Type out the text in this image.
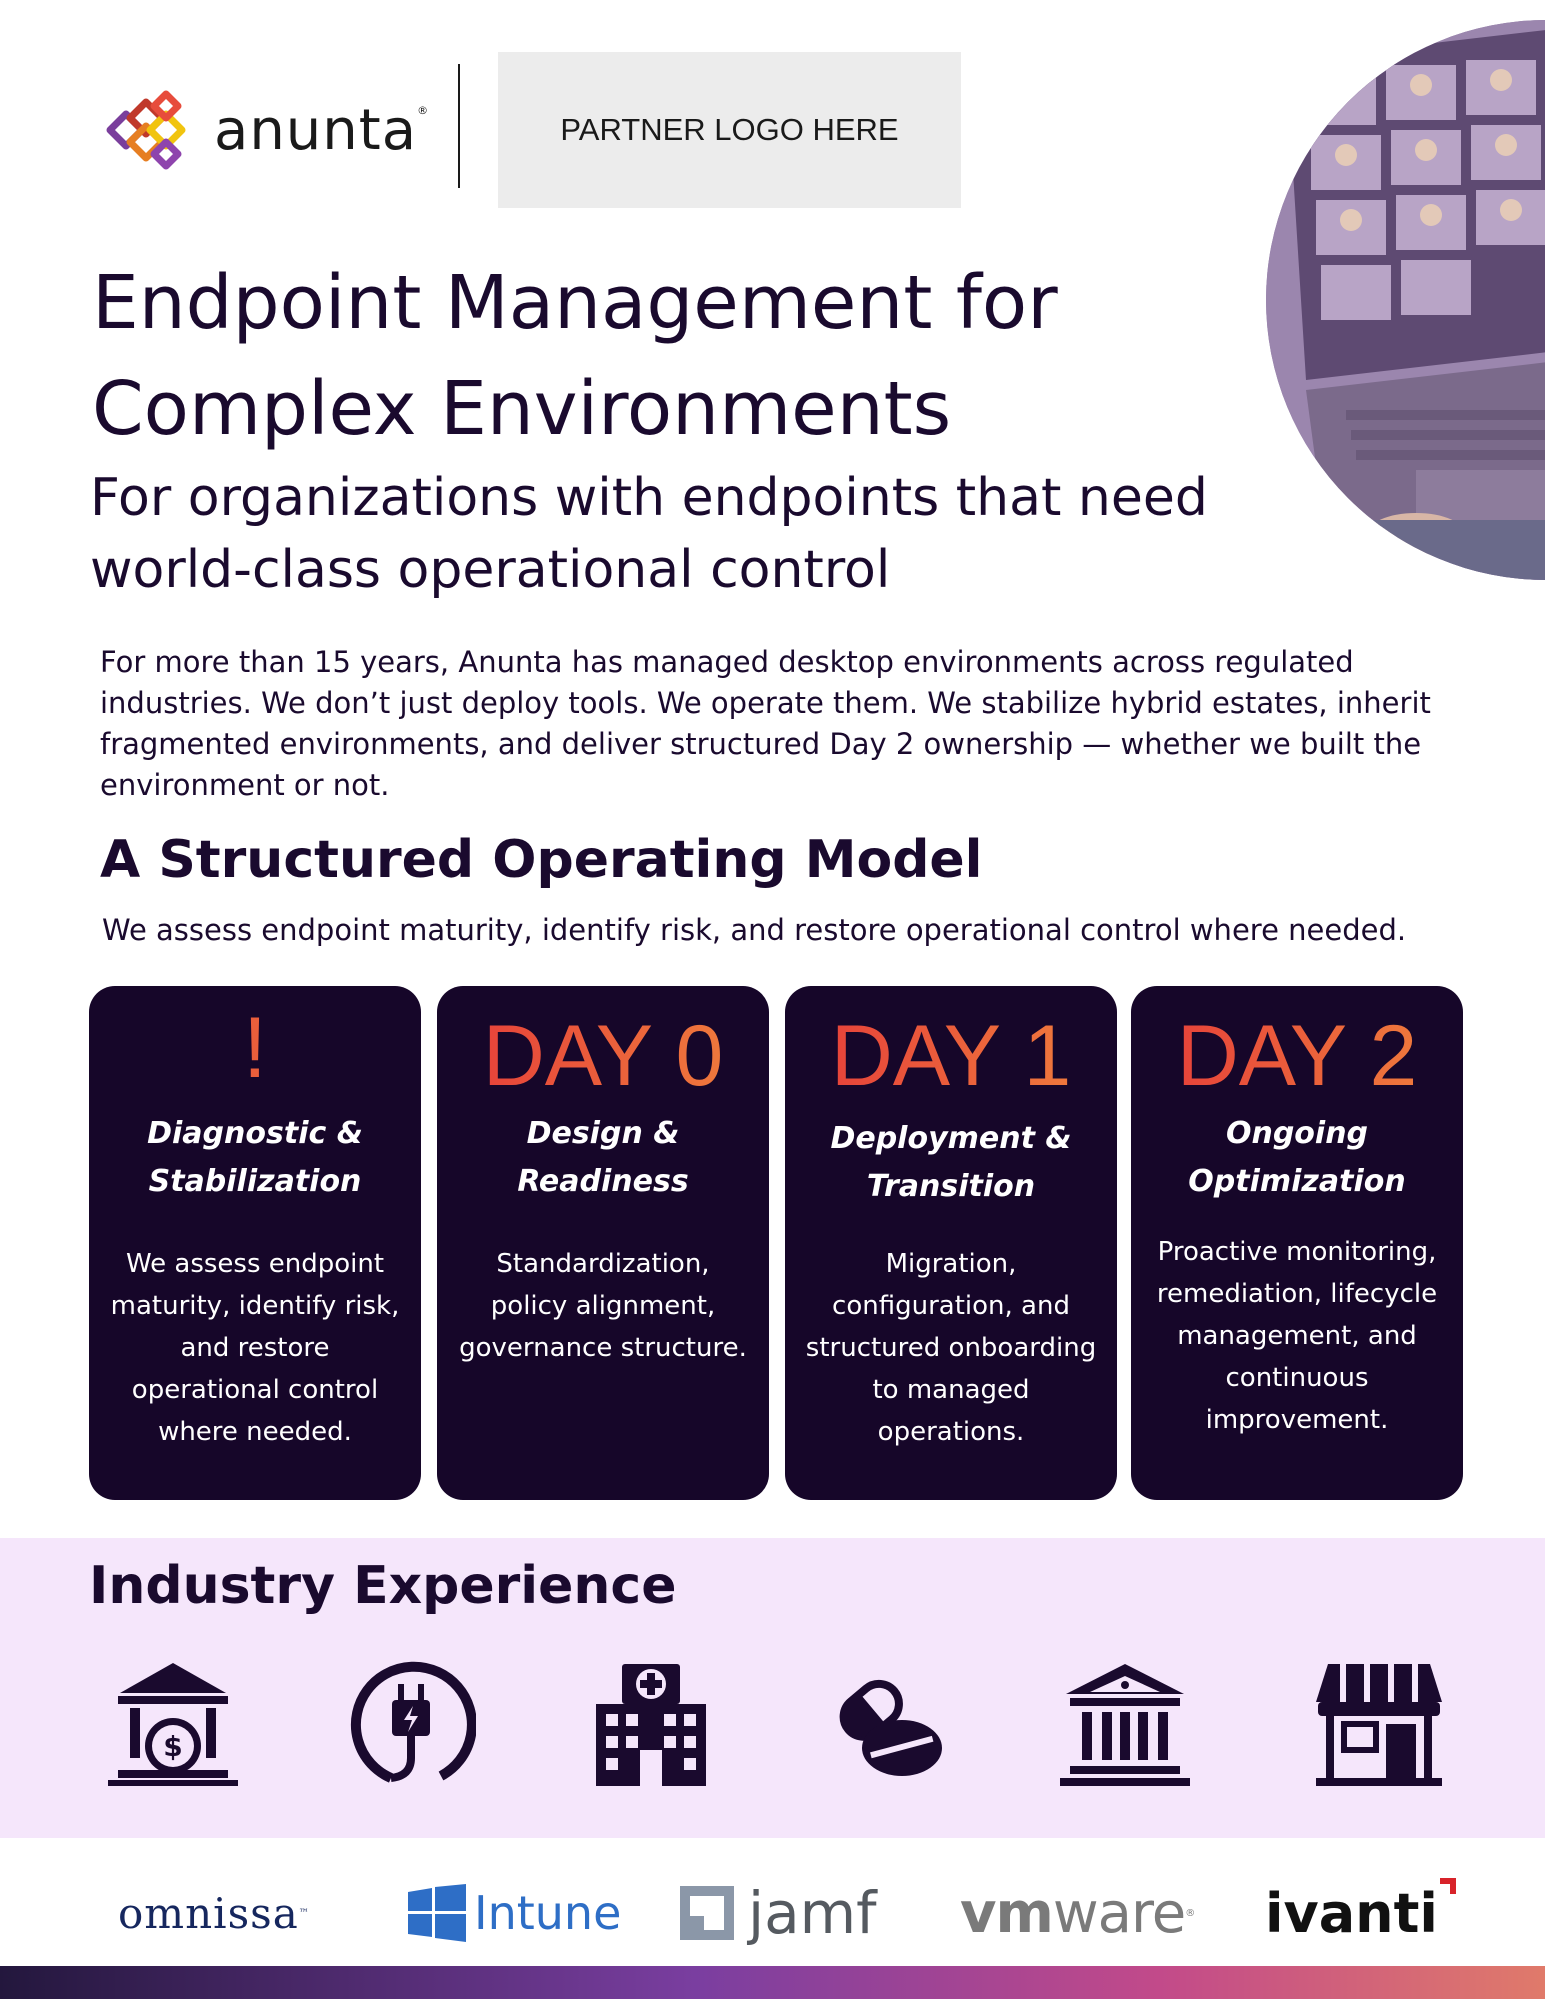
anunta ®
PARTNER LOGO HERE
Endpoint Management for
Complex Environments
For organizations with endpoints that need
world-class operational control

For more than 15 years, Anunta has managed desktop environments across regulated industries. We don’t just deploy tools. We operate them. We stabilize hybrid estates, inherit fragmented environments, and deliver structured Day 2 ownership — whether we built the environment or not.

A Structured Operating Model

We assess endpoint maturity, identify risk, and restore operational control where needed.

!
Diagnostic & Stabilization
We assess endpoint maturity, identify risk, and restore operational control where needed.
DAY 0
Design & Readiness
Standardization, policy alignment, governance structure.
DAY 1
Deployment & Transition
Migration, configuration, and structured onboarding to managed operations.
DAY 2
Ongoing Optimization
Proactive monitoring, remediation, lifecycle management, and continuous improvement.
Industry Experience
$
omnissa ™	Intune jamf vm ware ® ivanti
